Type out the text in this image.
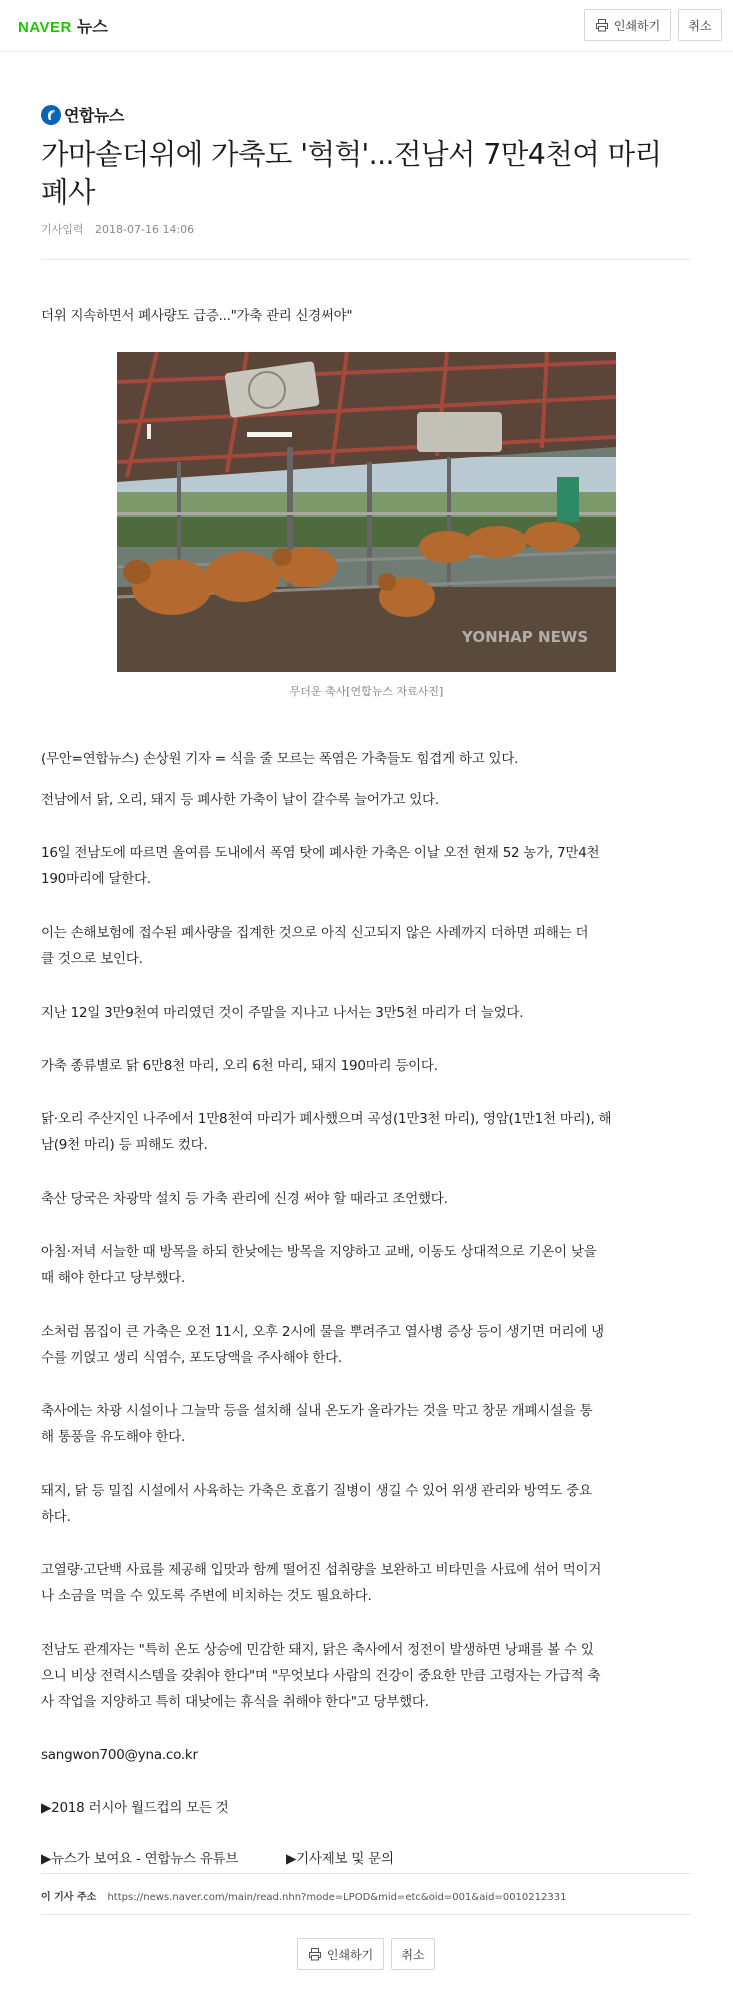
NAVER 뉴스	인쇄하기	취소
연합뉴스
가마솥더위에 가축도 '헉헉'...전남서 7만4천여 마리
폐사
기사입력 2018-07-16 14:06
더위 지속하면서 폐사량도 급증..."가축 관리 신경써야"
YONHAP NEWS
무더운 축사[연합뉴스 자료사진]
(무안=연합뉴스) 손상원 기자 = 식을 줄 모르는 폭염은 가축들도 힘겹게 하고 있다.
전남에서 닭, 오리, 돼지 등 폐사한 가축이 날이 갈수록 늘어가고 있다.
16일 전남도에 따르면 올여름 도내에서 폭염 탓에 폐사한 가축은 이날 오전 현재 52 농가, 7만4천
190마리에 달한다.
이는 손해보험에 접수된 폐사량을 집계한 것으로 아직 신고되지 않은 사례까지 더하면 피해는 더
클 것으로 보인다.
지난 12일 3만9천여 마리였던 것이 주말을 지나고 나서는 3만5천 마리가 더 늘었다.
가축 종류별로 닭 6만8천 마리, 오리 6천 마리, 돼지 190마리 등이다.
닭·오리 주산지인 나주에서 1만8천여 마리가 폐사했으며 곡성(1만3천 마리), 영암(1만1천 마리), 해
남(9천 마리) 등 피해도 컸다.
축산 당국은 차광막 설치 등 가축 관리에 신경 써야 할 때라고 조언했다.
아침·저녁 서늘한 때 방목을 하되 한낮에는 방목을 지양하고 교배, 이동도 상대적으로 기온이 낮을
때 해야 한다고 당부했다.
소처럼 몸집이 큰 가축은 오전 11시, 오후 2시에 물을 뿌려주고 열사병 증상 등이 생기면 머리에 냉
수를 끼얹고 생리 식염수, 포도당액을 주사해야 한다.
축사에는 차광 시설이나 그늘막 등을 설치해 실내 온도가 올라가는 것을 막고 창문 개폐시설을 통
해 통풍을 유도해야 한다.
돼지, 닭 등 밀집 시설에서 사육하는 가축은 호흡기 질병이 생길 수 있어 위생 관리와 방역도 중요
하다.
고열량·고단백 사료를 제공해 입맛과 함께 떨어진 섭취량을 보완하고 비타민을 사료에 섞어 먹이거
나 소금을 먹을 수 있도록 주변에 비치하는 것도 필요하다.
전남도 관계자는 "특히 온도 상승에 민감한 돼지, 닭은 축사에서 정전이 발생하면 낭패를 볼 수 있
으니 비상 전력시스템을 갖춰야 한다"며 "무엇보다 사람의 건강이 중요한 만큼 고령자는 가급적 축
사 작업을 지양하고 특히 대낮에는 휴식을 취해야 한다"고 당부했다.
sangwon700@yna.co.kr
▶2018 러시아 월드컵의 모든 것
▶뉴스가 보여요 - 연합뉴스 유튜브	▶기사제보 및 문의
이 기사 주소 https://news.naver.com/main/read.nhn?mode=LPOD&mid=etc&oid=001&aid=0010212331
인쇄하기	취소
